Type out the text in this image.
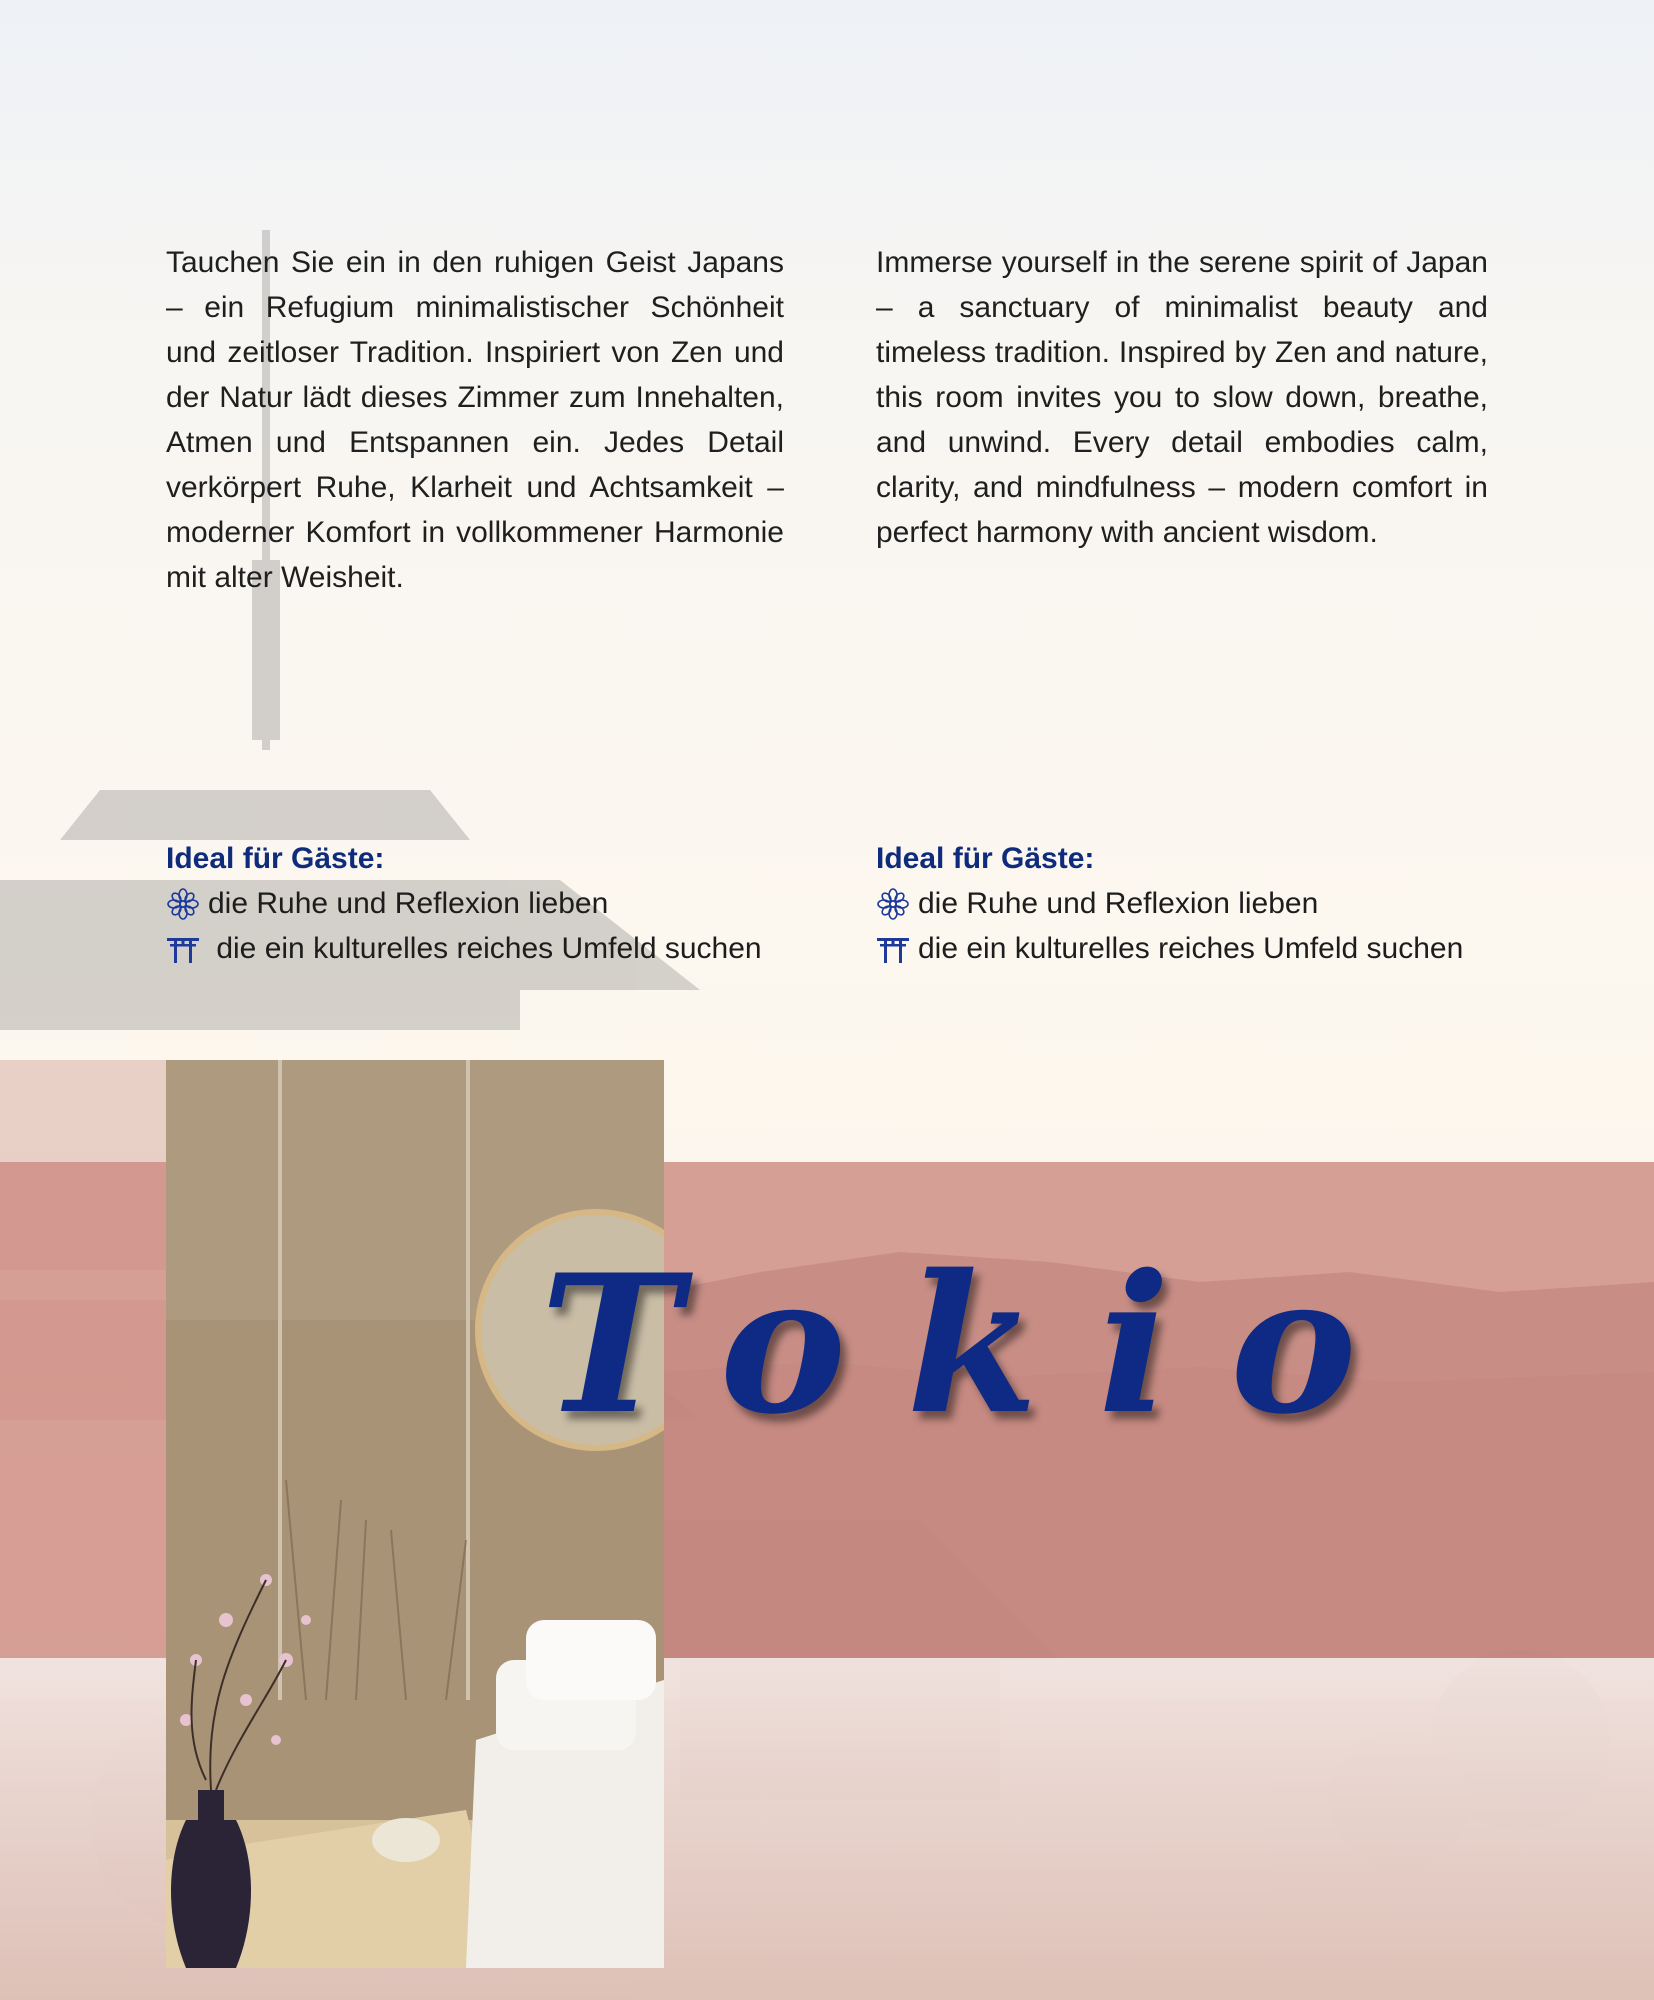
Tauchen Sie ein in den ruhigen Geist Japans – ein Refugium minimalistischer Schönheit und zeitloser Tradition. Inspiriert von Zen und der Natur lädt dieses Zimmer zum Innehalten, Atmen und Entspannen ein. Jedes Detail verkörpert Ruhe, Klarheit und Achtsamkeit – moderner Komfort in vollkommener Harmonie mit alter Weisheit.
Immerse yourself in the serene spirit of Japan – a sanctuary of minimalist beauty and timeless tradition. Inspired by Zen and nature, this room invites you to slow down, breathe, and unwind. Every detail embodies calm, clarity, and mindfulness – modern comfort in perfect harmony with ancient wisdom.
Ideal für Gäste:
die Ruhe und Reflexion lieben
die ein kulturelles reiches Umfeld suchen
Ideal für Gäste:
die Ruhe und Reflexion lieben
die ein kulturelles reiches Umfeld suchen
Tokio
